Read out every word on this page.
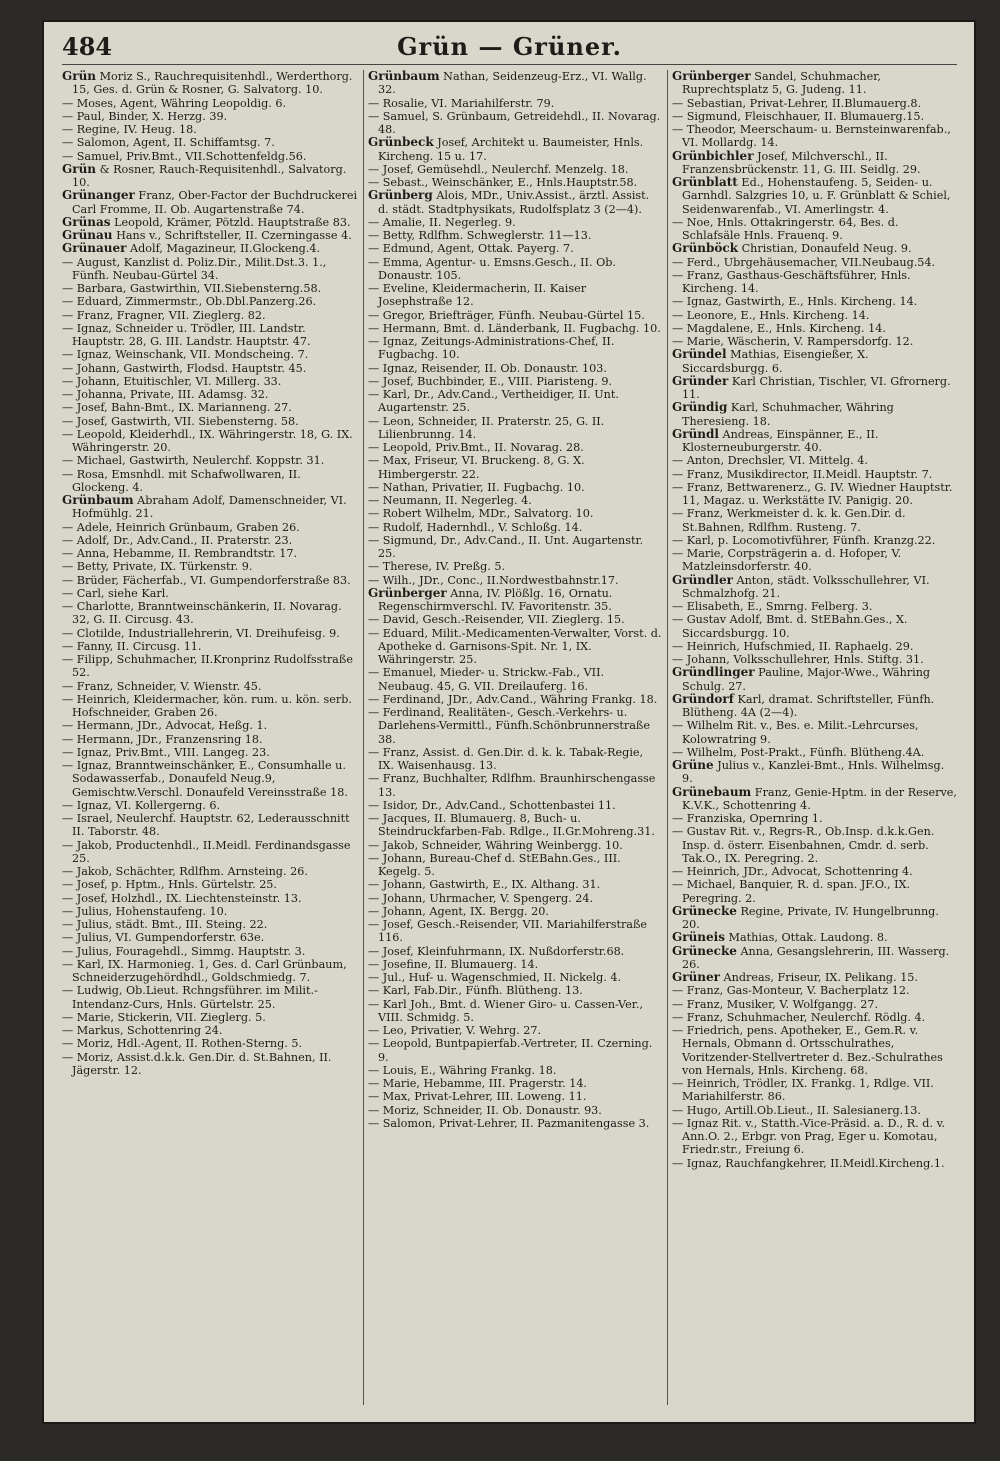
484	Grün — Grüner.

Grün Moriz S., Rauchrequisitenhdl., Werderthorg. 15, Ges. d. Grün & Rosner, G. Salvatorg. 10.

— Moses, Agent, Währing Leopoldig. 6.

— Paul, Binder, X. Herzg. 39.

— Regine, IV. Heug. 18.

— Salomon, Agent, II. Schiffamtsg. 7.

— Samuel, Priv.Bmt., VII.Schottenfeldg.56.

Grün & Rosner, Rauch-Requisitenhdl., Salvatorg. 10.

Grünanger Franz, Ober-Factor der Buchdruckerei Carl Fromme, II. Ob. Augartenstraße 74.

Grünas Leopold, Krämer, Pötzld. Hauptstraße 83.

Grünau Hans v., Schriftsteller, II. Czerningasse 4.

Grünauer Adolf, Magazineur, II.Glockeng.4.

— August, Kanzlist d. Poliz.Dir., Milit.Dst.3. 1., Fünfh. Neubau-Gürtel 34.

— Barbara, Gastwirthin, VII.Siebensterng.58.

— Eduard, Zimmermstr., Ob.Dbl.Panzerg.26.

— Franz, Fragner, VII. Zieglerg. 82.

— Ignaz, Schneider u. Trödler, III. Landstr. Hauptstr. 28, G. III. Landstr. Hauptstr. 47.

— Ignaz, Weinschank, VII. Mondscheing. 7.

— Johann, Gastwirth, Flodsd. Hauptstr. 45.

— Johann, Etuitischler, VI. Millerg. 33.

— Johanna, Private, III. Adamsg. 32.

— Josef, Bahn-Bmt., IX. Marianneng. 27.

— Josef, Gastwirth, VII. Siebensterng. 58.

— Leopold, Kleiderhdl., IX. Währingerstr. 18, G. IX. Währingerstr. 20.

— Michael, Gastwirth, Neulerchf. Koppstr. 31.

— Rosa, Emsnhdl. mit Schafwollwaren, II. Glockeng. 4.

Grünbaum Abraham Adolf, Damenschneider, VI. Hofmühlg. 21.

— Adele, Heinrich Grünbaum, Graben 26.

— Adolf, Dr., Adv.Cand., II. Praterstr. 23.

— Anna, Hebamme, II. Rembrandtstr. 17.

— Betty, Private, IX. Türkenstr. 9.

— Brüder, Fächerfab., VI. Gumpendorferstraße 83.

— Carl, siehe Karl.

— Charlotte, Branntweinschänkerin, II. Novarag. 32, G. II. Circusg. 43.

— Clotilde, Industriallehrerin, VI. Dreihufeisg. 9.

— Fanny, II. Circusg. 11.

— Filipp, Schuhmacher, II.Kronprinz Rudolfsstraße 52.

— Franz, Schneider, V. Wienstr. 45.

— Heinrich, Kleidermacher, kön. rum. u. kön. serb. Hofschneider, Graben 26.

— Hermann, JDr., Advocat, Heßg. 1.

— Hermann, JDr., Franzensring 18.

— Ignaz, Priv.Bmt., VIII. Langeg. 23.

— Ignaz, Branntweinschänker, E., Consumhalle u. Sodawasserfab., Donaufeld Neug.9, Gemischtw.Verschl. Donaufeld Vereinsstraße 18.

— Ignaz, VI. Kollergerng. 6.

— Israel, Neulerchf. Hauptstr. 62, Lederausschnitt II. Taborstr. 48.

— Jakob, Productenhdl., II.Meidl. Ferdinandsgasse 25.

— Jakob, Schächter, Rdlfhm. Arnsteing. 26.

— Josef, p. Hptm., Hnls. Gürtelstr. 25.

— Josef, Holzhdl., IX. Liechtensteinstr. 13.

— Julius, Hohenstaufeng. 10.

— Julius, städt. Bmt., III. Steing. 22.

— Julius, VI. Gumpendorferstr. 63e.

— Julius, Fouragehdl., Simmg. Hauptstr. 3.

— Karl, IX. Harmonieg. 1, Ges. d. Carl Grünbaum, Schneiderzugehördhdl., Goldschmiedg. 7.

— Ludwig, Ob.Lieut. Rchngsführer. im Milit.-Intendanz-Curs, Hnls. Gürtelstr. 25.

— Marie, Stickerin, VII. Zieglerg. 5.

— Markus, Schottenring 24.

— Moriz, Hdl.-Agent, II. Rothen-Sterng. 5.

— Moriz, Assist.d.k.k. Gen.Dir. d. St.Bahnen, II. Jägerstr. 12.

Grünbaum Nathan, Seidenzeug-Erz., VI. Wallg. 32.

— Rosalie, VI. Mariahilferstr. 79.

— Samuel, S. Grünbaum, Getreidehdl., II. Novarag. 48.

Grünbeck Josef, Architekt u. Baumeister, Hnls. Kircheng. 15 u. 17.

— Josef, Gemüsehdl., Neulerchf. Menzelg. 18.

— Sebast., Weinschänker, E., Hnls.Hauptstr.58.

Grünberg Alois, MDr., Univ.Assist., ärztl. Assist. d. städt. Stadtphysikats, Rudolfsplatz 3 (2—4).

— Amalie, II. Negerleg. 9.

— Betty, Rdlfhm. Schweglerstr. 11—13.

— Edmund, Agent, Ottak. Payerg. 7.

— Emma, Agentur- u. Emsns.Gesch., II. Ob. Donaustr. 105.

— Eveline, Kleidermacherin, II. Kaiser Josephstraße 12.

— Gregor, Briefträger, Fünfh. Neubau-Gürtel 15.

— Hermann, Bmt. d. Länderbank, II. Fugbachg. 10.

— Ignaz, Zeitungs-Administrations-Chef, II. Fugbachg. 10.

— Ignaz, Reisender, II. Ob. Donaustr. 103.

— Josef, Buchbinder, E., VIII. Piaristeng. 9.

— Karl, Dr., Adv.Cand., Vertheidiger, II. Unt. Augartenstr. 25.

— Leon, Schneider, II. Praterstr. 25, G. II. Lilienbrunng. 14.

— Leopold, Priv.Bmt., II. Novarag. 28.

— Max, Friseur, VI. Bruckeng. 8, G. X. Himbergerstr. 22.

— Nathan, Privatier, II. Fugbachg. 10.

— Neumann, II. Negerleg. 4.

— Robert Wilhelm, MDr., Salvatorg. 10.

— Rudolf, Hadernhdl., V. Schloßg. 14.

— Sigmund, Dr., Adv.Cand., II. Unt. Augartenstr. 25.

— Therese, IV. Preßg. 5.

— Wilh., JDr., Conc., II.Nordwestbahnstr.17.

Grünberger Anna, IV. Plößlg. 16, Ornatu. Regenschirmverschl. IV. Favoritenstr. 35.

— David, Gesch.-Reisender, VII. Zieglerg. 15.

— Eduard, Milit.-Medicamenten-Verwalter, Vorst. d. Apotheke d. Garnisons-Spit. Nr. 1, IX. Währingerstr. 25.

— Emanuel, Mieder- u. Strickw.-Fab., VII. Neubaug. 45, G. VII. Dreilauferg. 16.

— Ferdinand, JDr., Adv.Cand., Währing Frankg. 18.

— Ferdinand, Realitäten-, Gesch.-Verkehrs- u. Darlehens-Vermittl., Fünfh.Schönbrunnerstraße 38.

— Franz, Assist. d. Gen.Dir. d. k. k. Tabak-Regie, IX. Waisenhausg. 13.

— Franz, Buchhalter, Rdlfhm. Braunhirschengasse 13.

— Isidor, Dr., Adv.Cand., Schottenbastei 11.

— Jacques, II. Blumauerg. 8, Buch- u. Steindruckfarben-Fab. Rdlge., II.Gr.Mohreng.31.

— Jakob, Schneider, Währing Weinbergg. 10.

— Johann, Bureau-Chef d. StEBahn.Ges., III. Kegelg. 5.

— Johann, Gastwirth, E., IX. Althang. 31.

— Johann, Uhrmacher, V. Spengerg. 24.

— Johann, Agent, IX. Bergg. 20.

— Josef, Gesch.-Reisender, VII. Mariahilferstraße 116.

— Josef, Kleinfuhrmann, IX. Nußdorferstr.68.

— Josefine, II. Blumauerg. 14.

— Jul., Huf- u. Wagenschmied, II. Nickelg. 4.

— Karl, Fab.Dir., Fünfh. Blütheng. 13.

— Karl Joh., Bmt. d. Wiener Giro- u. Cassen-Ver., VIII. Schmidg. 5.

— Leo, Privatier, V. Wehrg. 27.

— Leopold, Buntpapierfab.-Vertreter, II. Czerning. 9.

— Louis, E., Währing Frankg. 18.

— Marie, Hebamme, III. Pragerstr. 14.

— Max, Privat-Lehrer, III. Loweng. 11.

— Moriz, Schneider, II. Ob. Donaustr. 93.

— Salomon, Privat-Lehrer, II. Pazmanitengasse 3.

Grünberger Sandel, Schuhmacher, Ruprechtsplatz 5, G. Judeng. 11.

— Sebastian, Privat-Lehrer, II.Blumauerg.8.

— Sigmund, Fleischhauer, II. Blumauerg.15.

— Theodor, Meerschaum- u. Bernsteinwarenfab., VI. Mollardg. 14.

Grünbichler Josef, Milchverschl., II. Franzensbrückenstr. 11, G. III. Seidlg. 29.

Grünblatt Ed., Hohenstaufeng. 5, Seiden- u. Garnhdl. Salzgries 10, u. F. Grünblatt & Schiel, Seidenwarenfab., VI. Amerlingstr. 4.

— Noe, Hnls. Ottakringerstr. 64, Bes. d. Schlafsäle Hnls. Frauenq. 9.

Grünböck Christian, Donaufeld Neug. 9.

— Ferd., Ubrgehäusemacher, VII.Neubaug.54.

— Franz, Gasthaus-Geschäftsführer, Hnls. Kircheng. 14.

— Ignaz, Gastwirth, E., Hnls. Kircheng. 14.

— Leonore, E., Hnls. Kircheng. 14.

— Magdalene, E., Hnls. Kircheng. 14.

— Marie, Wäscherin, V. Rampersdorfg. 12.

Gründel Mathias, Eisengießer, X. Siccardsburgg. 6.

Gründer Karl Christian, Tischler, VI. Gfrornerg. 11.

Gründig Karl, Schuhmacher, Währing Theresieng. 18.

Gründl Andreas, Einspänner, E., II. Klosterneuburgerstr. 40.

— Anton, Drechsler, VI. Mittelg. 4.

— Franz, Musikdirector, II.Meidl. Hauptstr. 7.

— Franz, Bettwarenerz., G. IV. Wiedner Hauptstr. 11, Magaz. u. Werkstätte IV. Panigig. 20.

— Franz, Werkmeister d. k. k. Gen.Dir. d. St.Bahnen, Rdlfhm. Rusteng. 7.

— Karl, p. Locomotivführer, Fünfh. Kranzg.22.

— Marie, Corpsträgerin a. d. Hofoper, V. Matzleinsdorferstr. 40.

Gründler Anton, städt. Volksschullehrer, VI. Schmalzhofg. 21.

— Elisabeth, E., Smrng. Felberg. 3.

— Gustav Adolf, Bmt. d. StEBahn.Ges., X. Siccardsburgg. 10.

— Heinrich, Hufschmied, II. Raphaelg. 29.

— Johann, Volksschullehrer, Hnls. Stiftg. 31.

Gründlinger Pauline, Major-Wwe., Währing Schulg. 27.

Gründorf Karl, dramat. Schriftsteller, Fünfh. Blütheng. 4A (2—4).

— Wilhelm Rit. v., Bes. e. Milit.-Lehrcurses, Kolowratring 9.

— Wilhelm, Post-Prakt., Fünfh. Blütheng.4A.

Grüne Julius v., Kanzlei-Bmt., Hnls. Wilhelmsg. 9.

Grünebaum Franz, Genie-Hptm. in der Reserve, K.V.K., Schottenring 4.

— Franziska, Opernring 1.

— Gustav Rit. v., Regrs-R., Ob.Insp. d.k.k.Gen. Insp. d. österr. Eisenbahnen, Cmdr. d. serb. Tak.O., IX. Peregring. 2.

— Heinrich, JDr., Advocat, Schottenring 4.

— Michael, Banquier, R. d. span. JF.O., IX. Peregring. 2.

Grünecke Regine, Private, IV. Hungelbrunng. 20.

Grüneis Mathias, Ottak. Laudong. 8.

Grünecke Anna, Gesangslehrerin, III. Wasserg. 26.

Grüner Andreas, Friseur, IX. Pelikang. 15.

— Franz, Gas-Monteur, V. Bacherplatz 12.

— Franz, Musiker, V. Wolfgangg. 27.

— Franz, Schuhmacher, Neulerchf. Rödlg. 4.

— Friedrich, pens. Apotheker, E., Gem.R. v. Hernals, Obmann d. Ortsschulrathes, Voritzender-Stellvertreter d. Bez.-Schulrathes von Hernals, Hnls. Kircheng. 68.

— Heinrich, Trödler, IX. Frankg. 1, Rdlge. VII. Mariahilferstr. 86.

— Hugo, Artill.Ob.Lieut., II. Salesianerg.13.

— Ignaz Rit. v., Statth.-Vice-Präsid. a. D., R. d. v. Ann.O. 2., Erbgr. von Prag, Eger u. Komotau, Friedr.str., Freiung 6.

— Ignaz, Rauchfangkehrer, II.Meidl.Kircheng.1.
